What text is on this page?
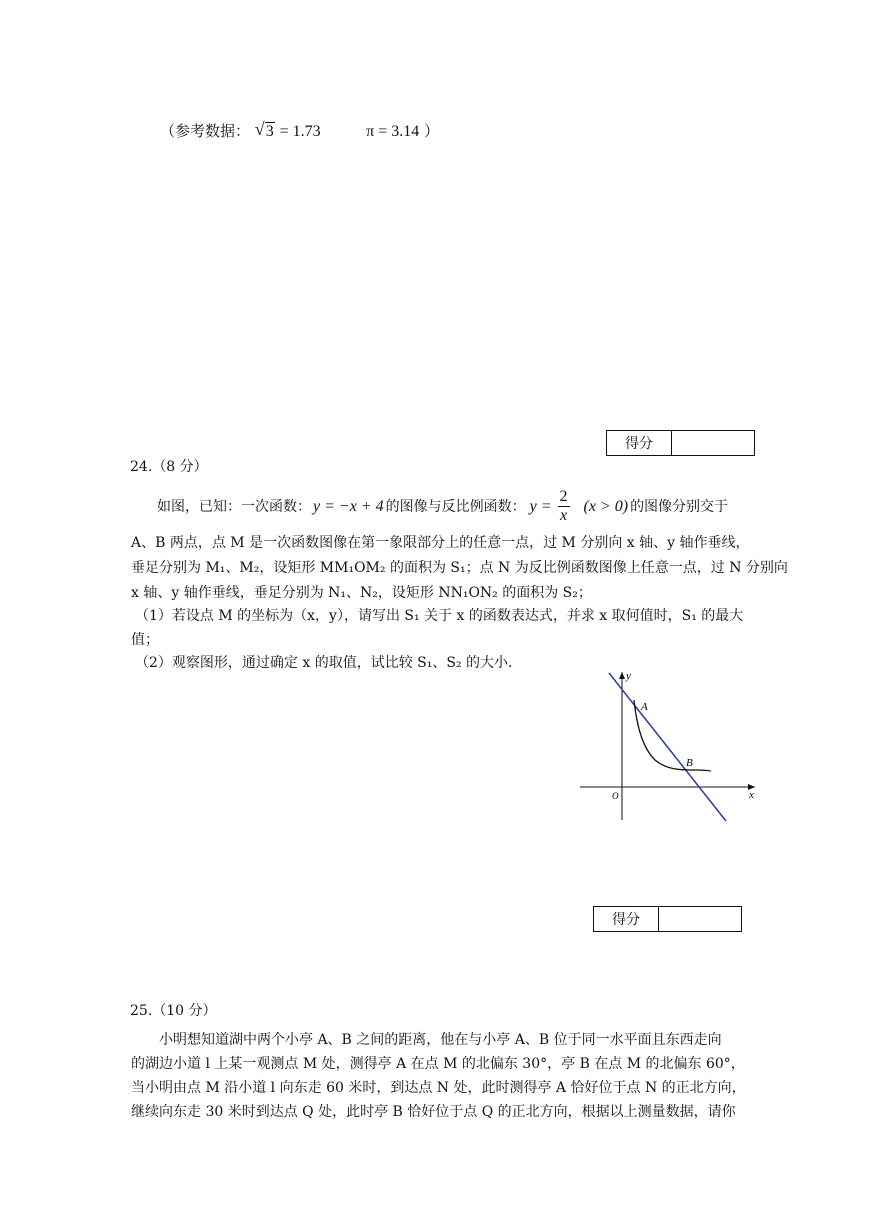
（参考数据： √ 3 = 1.73	π = 3.14 ）
得分
24.（8 分）
如图，已知：一次函数： y = −x + 4 的图像与反比例函数： $y = \frac{2}{x} (x > 0)$ 的图像分别交于
A、B 两点，点 M 是一次函数图像在第一象限部分上的任意一点，过 M 分别向 x 轴、y 轴作垂线，
垂足分别为 M₁、M₂，设矩形 MM₁OM₂ 的面积为 S₁；点 N 为反比例函数图像上任意一点，过 N 分别向
x 轴、y 轴作垂线，垂足分别为 N₁、N₂，设矩形 NN₁ON₂ 的面积为 S₂；
（1）若设点 M 的坐标为（x，y），请写出 S₁ 关于 x 的函数表达式，并求 x 取何值时，S₁ 的最大
值；
（2）观察图形，通过确定 x 的取值，试比较 S₁、S₂ 的大小.
y
x
O
A
B
得分
25.（10 分）
小明想知道湖中两个小亭 A、B 之间的距离，他在与小亭 A、B 位于同一水平面且东西走向
的湖边小道 l 上某一观测点 M 处，测得亭 A 在点 M 的北偏东 30°，亭 B 在点 M 的北偏东 60°，
当小明由点 M 沿小道 l 向东走 60 米时，到达点 N 处，此时测得亭 A 恰好位于点 N 的正北方向，
继续向东走 30 米时到达点 Q 处，此时亭 B 恰好位于点 Q 的正北方向，根据以上测量数据，请你
